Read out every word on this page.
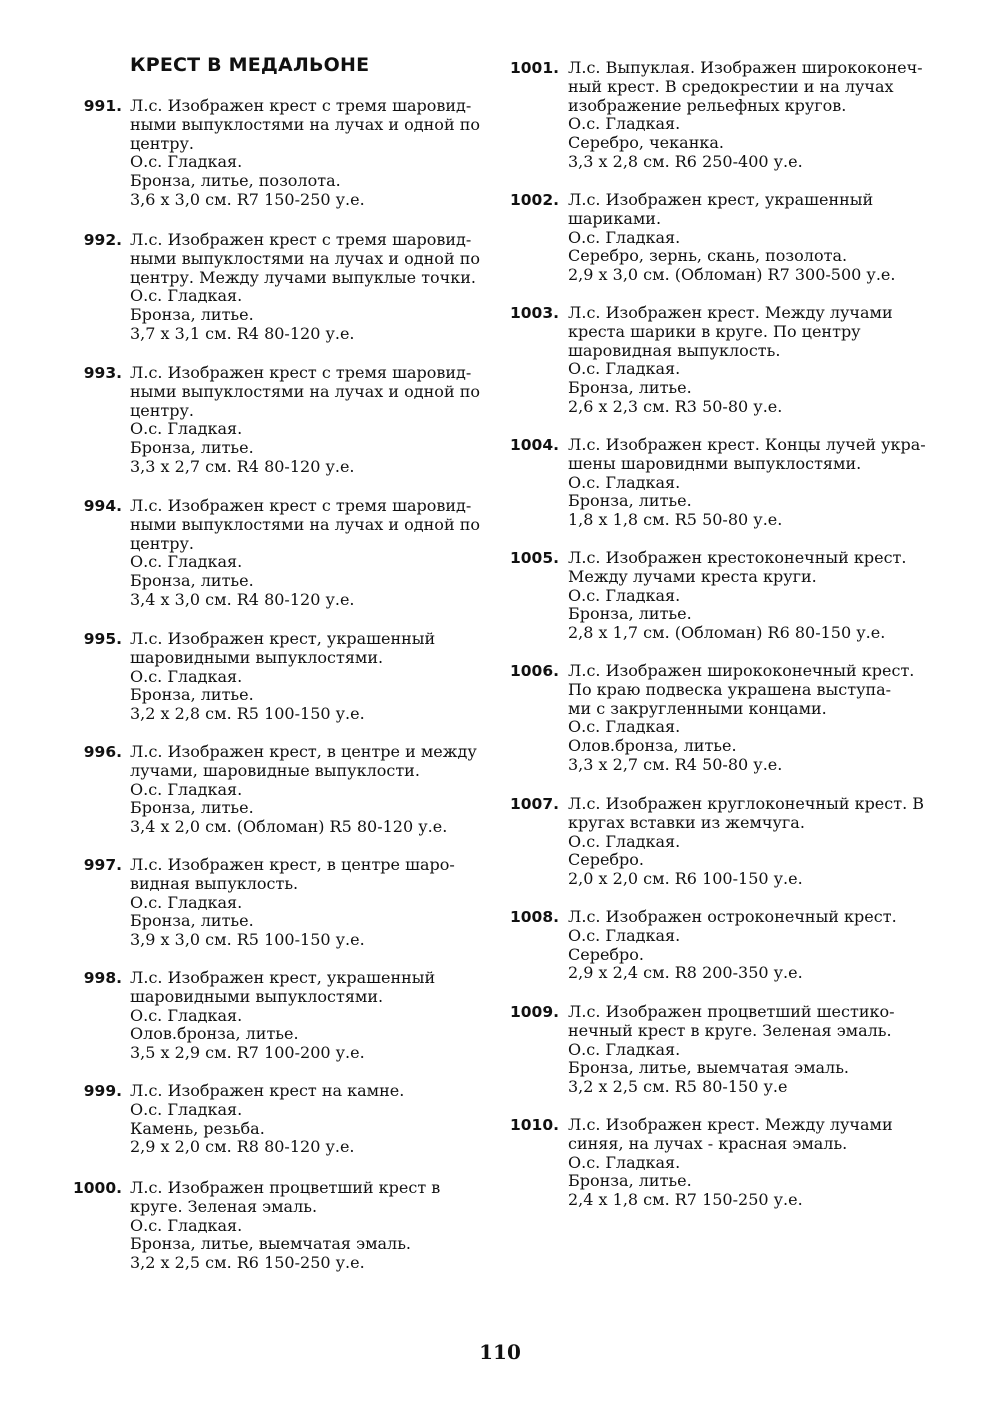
КРЕСТ В МЕДАЛЬОНЕ
991. Л.с. Изображен крест с тремя шаровид-
ными выпуклостями на лучах и одной по
центру.
О.с. Гладкая.
Бронза, литье, позолота.
3,6 х 3,0 см. R7 150-250 у.е.
992. Л.с. Изображен крест с тремя шаровид-
ными выпуклостями на лучах и одной по
центру. Между лучами выпуклые точки.
О.с. Гладкая.
Бронза, литье.
3,7 х 3,1 см. R4 80-120 у.е.
993. Л.с. Изображен крест с тремя шаровид-
ными выпуклостями на лучах и одной по
центру.
О.с. Гладкая.
Бронза, литье.
3,3 х 2,7 см. R4 80-120 у.е.
994. Л.с. Изображен крест с тремя шаровид-
ными выпуклостями на лучах и одной по
центру.
О.с. Гладкая.
Бронза, литье.
3,4 х 3,0 см. R4 80-120 у.е.
995. Л.с. Изображен крест, украшенный
шаровидными выпуклостями.
О.с. Гладкая.
Бронза, литье.
3,2 х 2,8 см. R5 100-150 у.е.
996. Л.с. Изображен крест, в центре и между
лучами, шаровидные выпуклости.
О.с. Гладкая.
Бронза, литье.
3,4 х 2,0 см. (Обломан) R5 80-120 у.е.
997. Л.с. Изображен крест, в центре шаро-
видная выпуклость.
О.с. Гладкая.
Бронза, литье.
3,9 х 3,0 см. R5 100-150 у.е.
998. Л.с. Изображен крест, украшенный
шаровидными выпуклостями.
О.с. Гладкая.
Олов.бронза, литье.
3,5 х 2,9 см. R7 100-200 у.е.
999. Л.с. Изображен крест на камне.
О.с. Гладкая.
Камень, резьба.
2,9 х 2,0 см. R8 80-120 у.е.
1000. Л.с. Изображен процветший крест в
круге. Зеленая эмаль.
О.с. Гладкая.
Бронза, литье, выемчатая эмаль.
3,2 х 2,5 см. R6 150-250 у.е.
1001. Л.с. Выпуклая. Изображен ширококонеч-
ный крест. В средокрестии и на лучах
изображение рельефных кругов.
О.с. Гладкая.
Серебро, чеканка.
3,3 х 2,8 см. R6 250-400 у.е.
1002. Л.с. Изображен крест, украшенный
шариками.
О.с. Гладкая.
Серебро, зернь, скань, позолота.
2,9 х 3,0 см. (Обломан) R7 300-500 у.е.
1003. Л.с. Изображен крест. Между лучами
креста шарики в круге. По центру
шаровидная выпуклость.
О.с. Гладкая.
Бронза, литье.
2,6 х 2,3 см. R3 50-80 у.е.
1004. Л.с. Изображен крест. Концы лучей укра-
шены шаровиднми выпуклостями.
О.с. Гладкая.
Бронза, литье.
1,8 х 1,8 см. R5 50-80 у.е.
1005. Л.с. Изображен крестоконечный крест.
Между лучами креста круги.
О.с. Гладкая.
Бронза, литье.
2,8 х 1,7 см. (Обломан) R6 80-150 у.е.
1006. Л.с. Изображен ширококонечный крест.
По краю подвеска украшена выступа-
ми с закругленными концами.
О.с. Гладкая.
Олов.бронза, литье.
3,3 х 2,7 см. R4 50-80 у.е.
1007. Л.с. Изображен круглоконечный крест. В
кругах вставки из жемчуга.
О.с. Гладкая.
Серебро.
2,0 х 2,0 см. R6 100-150 у.е.
1008. Л.с. Изображен остроконечный крест.
О.с. Гладкая.
Серебро.
2,9 х 2,4 см. R8 200-350 у.е.
1009. Л.с. Изображен процветший шестико-
нечный крест в круге. Зеленая эмаль.
О.с. Гладкая.
Бронза, литье, выемчатая эмаль.
3,2 х 2,5 см. R5 80-150 у.е
1010. Л.с. Изображен крест. Между лучами
синяя, на лучах - красная эмаль.
О.с. Гладкая.
Бронза, литье.
2,4 х 1,8 см. R7 150-250 у.е.
110
